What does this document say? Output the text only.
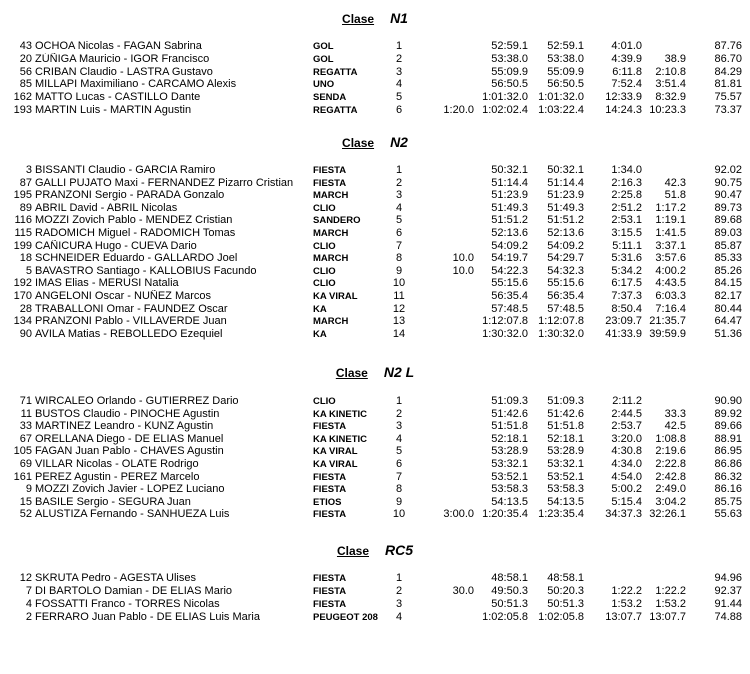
Clase N1
43 OCHOA Nicolas - FAGAN Sabrina	GOL	1	52:59.1	52:59.1	4:01.0	87.76
20 ZÚÑIGA Mauricio - IGOR Francisco	GOL	2	53:38.0	53:38.0	4:39.9	38.9	86.70
56 CRIBAN Claudio - LASTRA Gustavo	REGATTA	3	55:09.9	55:09.9	6:11.8	2:10.8	84.29
85 MILLAPI Maximiliano - CARCAMO Alexis	UNO	4	56:50.5	56:50.5	7:52.4	3:51.4	81.81
162 MATTO Lucas - CASTILLO Dante	SENDA	5	1:01:32.0 1:01:32.0	12:33.9	8:32.9	75.57
193 MARTIN Luis - MARTIN Agustin	REGATTA	6	1:20.0 1:02:02.4 1:03:22.4	14:24.3 10:23.3	73.37
Clase N2
3 BISSANTI Claudio - GARCIA Ramiro	FIESTA	1	50:32.1	50:32.1	1:34.0	92.02
87 GALLI PUJATO Maxi - FERNANDEZ Pizarro Cristian	FIESTA	2	51:14.4	51:14.4	2:16.3	42.3	90.75
195 PRANZONI Sergio - PARADA Gonzalo	MARCH	3	51:23.9	51:23.9	2:25.8	51.8	90.47
89 ABRIL David - ABRIL Nicolas	CLIO	4	51:49.3	51:49.3	2:51.2	1:17.2	89.73
116 MOZZI Zovich Pablo - MENDEZ Cristian	SANDERO	5	51:51.2	51:51.2	2:53.1	1:19.1	89.68
115 RADOMICH Miguel - RADOMICH Tomas	MARCH	6	52:13.6	52:13.6	3:15.5	1:41.5	89.03
199 CAÑICURA Hugo - CUEVA Dario	CLIO	7	54:09.2	54:09.2	5:11.1	3:37.1	85.87
18 SCHNEIDER Eduardo - GALLARDO Joel	MARCH	8	10.0	54:19.7	54:29.7	5:31.6	3:57.6	85.33
5 BAVASTRO Santiago - KALLOBIUS Facundo	CLIO	9	10.0	54:22.3	54:32.3	5:34.2	4:00.2	85.26
192 IMAS Elias - MERUSI Natalia	CLIO	10	55:15.6	55:15.6	6:17.5	4:43.5	84.15
170 ANGELONI Oscar - NUÑEZ Marcos	KA VIRAL	11	56:35.4	56:35.4	7:37.3	6:03.3	82.17
28 TRABALLONI Omar - FAUNDEZ Oscar	KA	12	57:48.5	57:48.5	8:50.4	7:16.4	80.44
134 PRANZONI Pablo - VILLAVERDE Juan	MARCH	13	1:12:07.8 1:12:07.8	23:09.7 21:35.7	64.47
90 AVILA Matias - REBOLLEDO Ezequiel	KA	14	1:30:32.0 1:30:32.0	41:33.9 39:59.9	51.36
Clase N2 L
71 WIRCALEO Orlando - GUTIERREZ Dario	CLIO	1	51:09.3	51:09.3	2:11.2	90.90
11 BUSTOS Claudio - PINOCHE Agustin	KA KINETIC	2	51:42.6	51:42.6	2:44.5	33.3	89.92
33 MARTINEZ Leandro - KUNZ Agustin	FIESTA	3	51:51.8	51:51.8	2:53.7	42.5	89.66
67 ORELLANA Diego - DE ELIAS Manuel	KA KINETIC	4	52:18.1	52:18.1	3:20.0	1:08.8	88.91
105 FAGAN Juan Pablo - CHAVES Agustin	KA VIRAL	5	53:28.9	53:28.9	4:30.8	2:19.6	86.95
69 VILLAR Nicolas - OLATE Rodrigo	KA VIRAL	6	53:32.1	53:32.1	4:34.0	2:22.8	86.86
161 PEREZ Agustin - PEREZ Marcelo	FIESTA	7	53:52.1	53:52.1	4:54.0	2:42.8	86.32
9 MOZZI Zovich Javier - LOPEZ Luciano	FIESTA	8	53:58.3	53:58.3	5:00.2	2:49.0	86.16
15 BASILE Sergio - SEGURA Juan	ETIOS	9	54:13.5	54:13.5	5:15.4	3:04.2	85.75
52 ALUSTIZA Fernando - SANHUEZA Luis	FIESTA	10	3:00.0 1:20:35.4 1:23:35.4	34:37.3 32:26.1	55.63
Clase RC5
12 SKRUTA Pedro - AGESTA Ulises	FIESTA	1	48:58.1	48:58.1	94.96
7 DI BARTOLO Damian - DE ELIAS Mario	FIESTA	2	30.0	49:50.3	50:20.3	1:22.2	1:22.2	92.37
4 FOSSATTI Franco - TORRES Nicolas	FIESTA	3	50:51.3	50:51.3	1:53.2	1:53.2	91.44
2 FERRARO Juan Pablo - DE ELIAS Luis Maria	PEUGEOT 208	4	1:02:05.8 1:02:05.8	13:07.7 13:07.7	74.88
